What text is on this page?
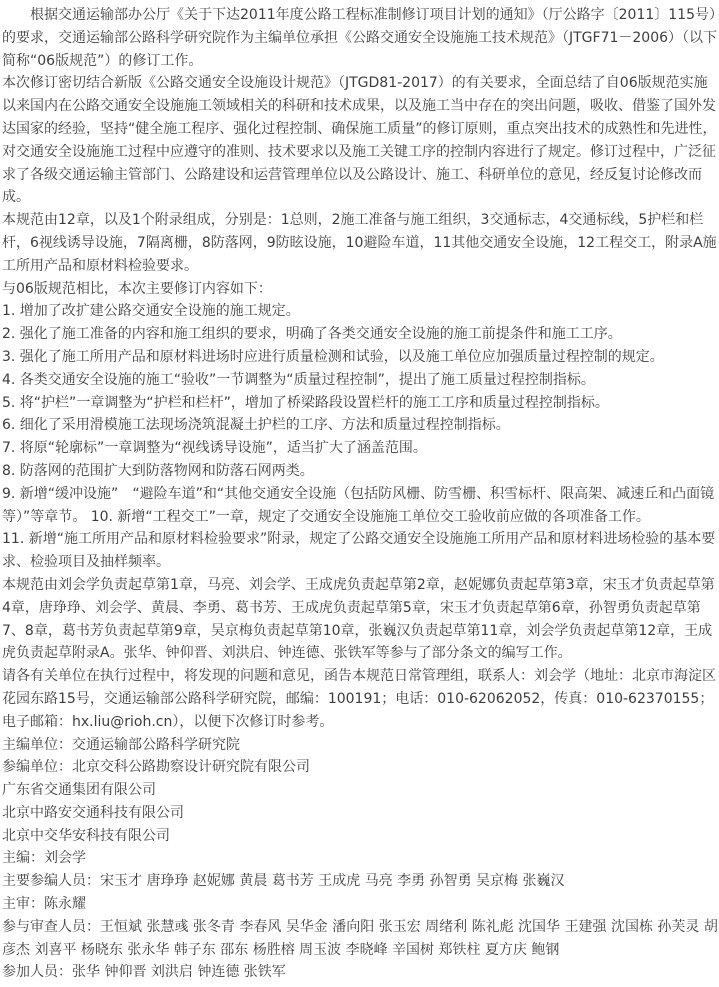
根据交通运输部办公厅《关于下达2011年度公路工程标准制修订项目计划的通知》（厅公路字〔2011〕115号）的要求，交通运输部公路科学研究院作为主编单位承担《公路交通安全设施施工技术规范》（JTGF71－2006）（以下简称“06版规范”）的修订工作。

本次修订密切结合新版《公路交通安全设施设计规范》（JTGD81-2017）的有关要求，全面总结了自06版规范实施以来国内在公路交通安全设施施工领域相关的科研和技术成果，以及施工当中存在的突出问题，吸收、借鉴了国外发达国家的经验，坚持“健全施工程序、强化过程控制、确保施工质量”的修订原则，重点突出技术的成熟性和先进性，对交通安全设施施工过程中应遵守的准则、技术要求以及施工关键工序的控制内容进行了规定。修订过程中，广泛征求了各级交通运输主管部门、公路建设和运营管理单位以及公路设计、施工、科研单位的意见，经反复讨论修改而成。

本规范由12章，以及1个附录组成，分别是：1总则，2施工准备与施工组织，3交通标志，4交通标线，5护栏和栏杆，6视线诱导设施，7隔离栅，8防落网，9防眩设施，10避险车道，11其他交通安全设施，12工程交工，附录A施工所用产品和原材料检验要求。

与06版规范相比，本次主要修订内容如下：

1. 增加了改扩建公路交通安全设施的施工规定。

2. 强化了施工准备的内容和施工组织的要求，明确了各类交通安全设施的施工前提条件和施工工序。

3. 强化了施工所用产品和原材料进场时应进行质量检测和试验，以及施工单位应加强质量过程控制的规定。

4. 各类交通安全设施的施工“验收”一节调整为“质量过程控制”，提出了施工质量过程控制指标。

5. 将“护栏”一章调整为“护栏和栏杆”，增加了桥梁路段设置栏杆的施工工序和质量过程控制指标。

6. 细化了采用滑模施工法现场浇筑混凝土护栏的工序、方法和质量过程控制指标。

7. 将原“轮廓标”一章调整为“视线诱导设施”，适当扩大了涵盖范围。

8. 防落网的范围扩大到防落物网和防落石网两类。

9. 新增“缓冲设施”　“避险车道”和“其他交通安全设施（包括防风栅、防雪栅、积雪标杆、限高架、减速丘和凸面镜等）”等章节。 10. 新增“工程交工”一章，规定了交通安全设施施工单位交工验收前应做的各项准备工作。

11. 新增“施工所用产品和原材料检验要求”附录，规定了公路交通安全设施施工所用产品和原材料进场检验的基本要求、检验项目及抽样频率。

本规范由刘会学负责起草第1章，马亮、刘会学、王成虎负责起草第2章，赵妮娜负责起草第3章，宋玉才负责起草第4章，唐琤琤、刘会学、黄晨、李勇、葛书芳、王成虎负责起草第5章，宋玉才负责起草第6章，孙智勇负责起草第7、8章，葛书芳负责起草第9章，吴京梅负责起草第10章，张巍汉负责起草第11章，刘会学负责起草第12章，王成虎负责起草附录A。张华、钟仰晋、刘洪启、钟连德、张铁军等参与了部分条文的编写工作。

请各有关单位在执行过程中，将发现的问题和意见，函告本规范日常管理组，联系人：刘会学（地址：北京市海淀区花园东路15号，交通运输部公路科学研究院，邮编：100191；电话：010-62062052，传真：010-62370155；电子邮箱：hx.liu@rioh.cn），以便下次修订时参考。

主编单位：交通运输部公路科学研究院

参编单位：北京交科公路勘察设计研究院有限公司

广东省交通集团有限公司

北京中路安交通科技有限公司

北京中交华安科技有限公司

主编：刘会学

主要参编人员：宋玉才 唐琤琤 赵妮娜 黄晨 葛书芳 王成虎 马亮 李勇 孙智勇 吴京梅 张巍汉

主审：陈永耀

参与审查人员：王恒斌 张慧彧 张冬青 李春风 吴华金 潘向阳 张玉宏 周绪利 陈礼彪 沈国华 王建强 沈国栋 孙芙灵 胡彦杰 刘喜平 杨晓东 张永华 韩子东 邵东 杨胜榕 周玉波 李晓峰 辛国树 郑铁柱 夏方庆 鲍钢

参加人员：张华 钟仰晋 刘洪启 钟连德 张铁军
